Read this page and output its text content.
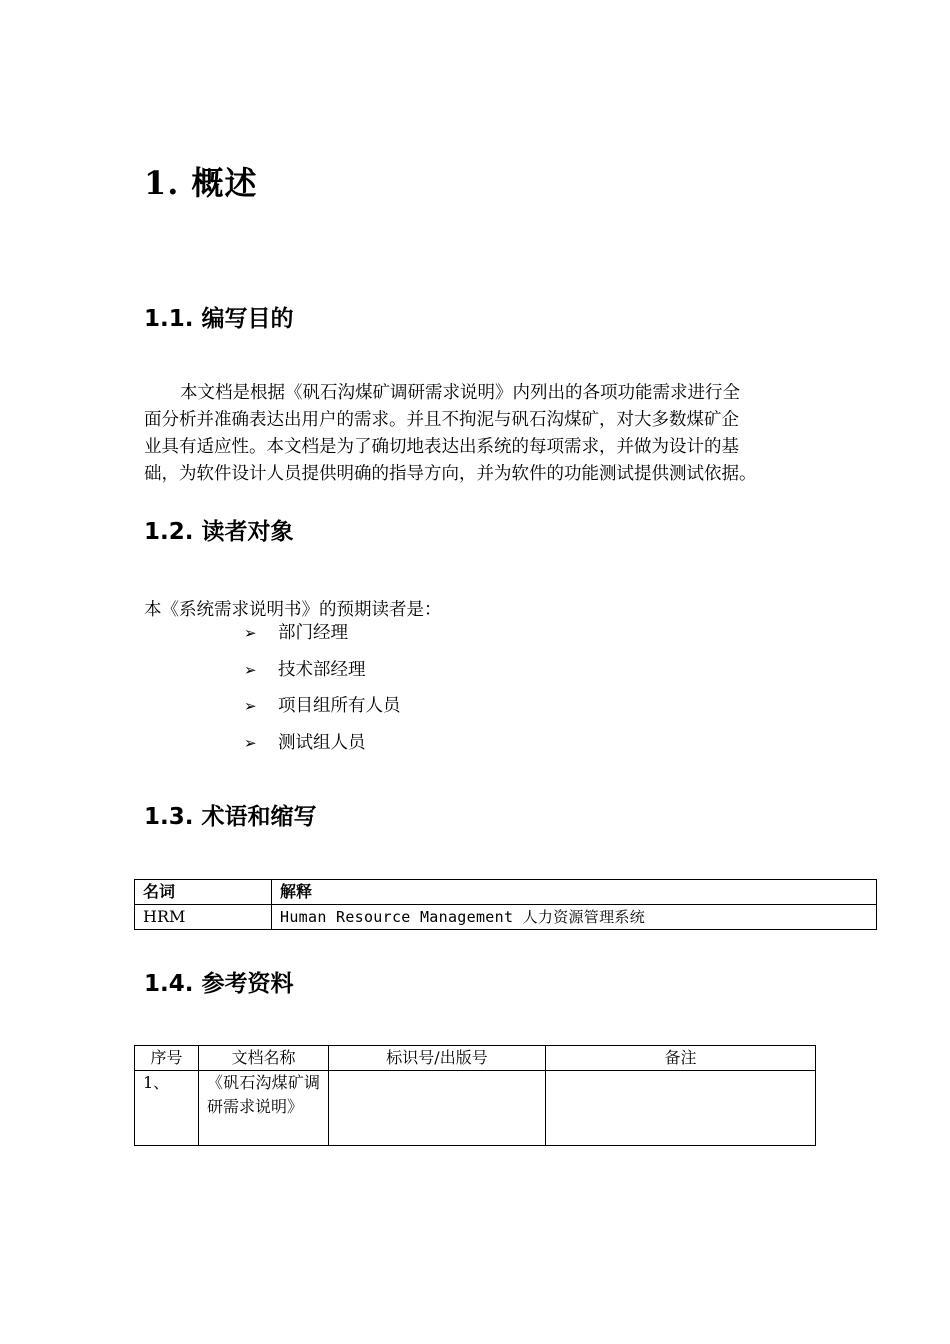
1. 概述
1.1. 编写目的
本文档是根据《矾石沟煤矿调研需求说明》内列出的各项功能需求进行全
面分析并准确表达出用户的需求。并且不拘泥与矾石沟煤矿，对大多数煤矿企
业具有适应性。本文档是为了确切地表达出系统的每项需求，并做为设计的基
础，为软件设计人员提供明确的指导方向，并为软件的功能测试提供测试依据。
1.2. 读者对象
本《系统需求说明书》的预期读者是：
➢	部门经理
➢	技术部经理
➢	项目组所有人员
➢	测试组人员
1.3. 术语和缩写
名词	解释
HRM	Human Resource Management 人力资源管理系统
1.4. 参考资料
序号	文档名称	标识号/出版号	备注
1、	《矾石沟煤矿调研需求说明》		
